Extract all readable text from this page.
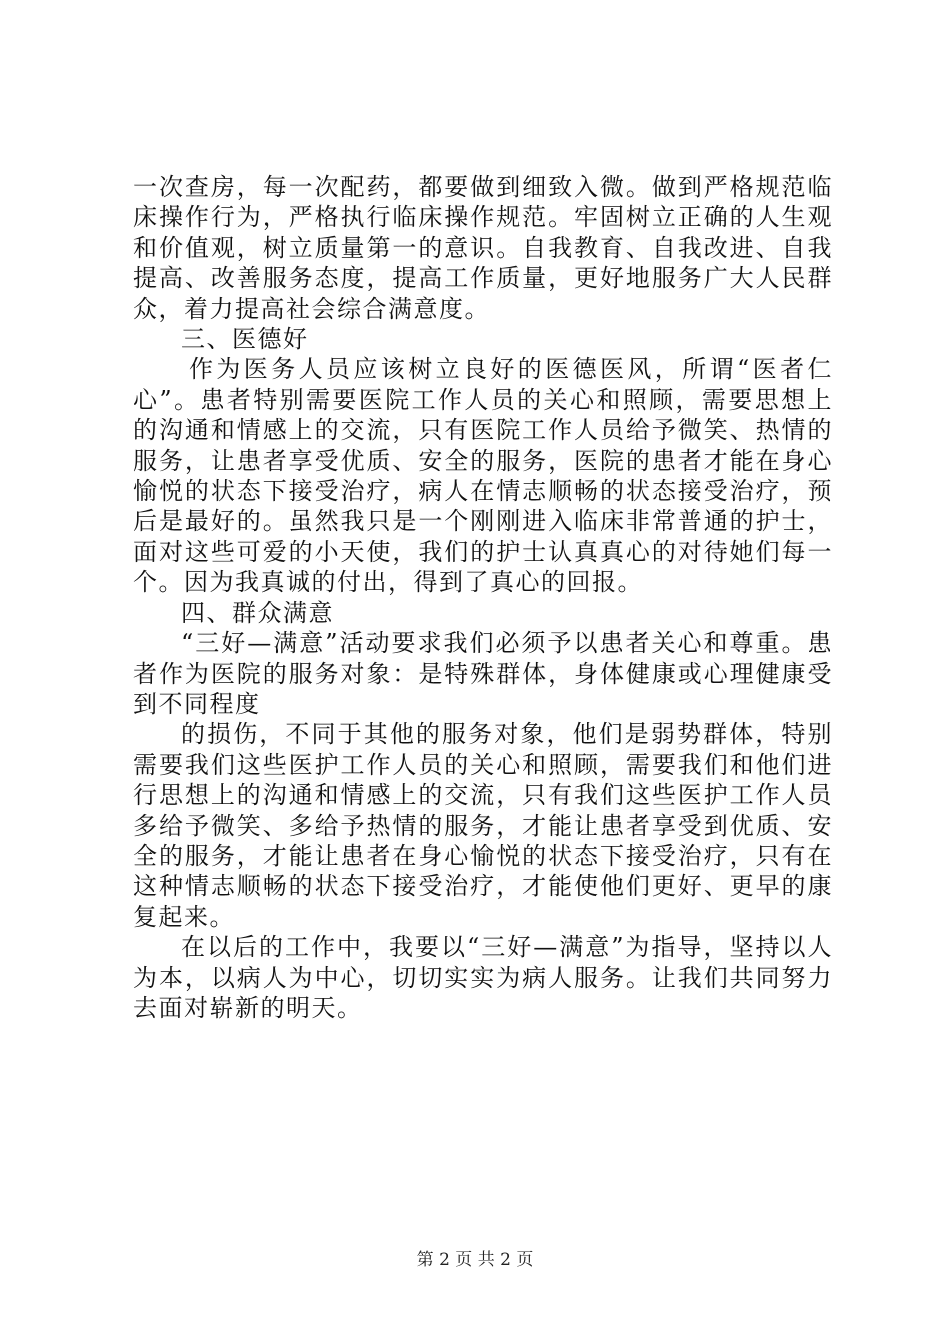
一次查房，每一次配药，都要做到细致入微。做到严格规范临床操作行为，严格执行临床操作规范。牢固树立正确的人生观和价值观，树立质量第一的意识。自我教育、自我改进、自我提高、改善服务态度，提高工作质量，更好地服务广大人民群众，着力提高社会综合满意度。

三、医德好

作为医务人员应该树立良好的医德医风，所谓“医者仁心”。患者特别需要医院工作人员的关心和照顾，需要思想上的沟通和情感上的交流，只有医院工作人员给予微笑、热情的服务，让患者享受优质、安全的服务，医院的患者才能在身心愉悦的状态下接受治疗，病人在情志顺畅的状态接受治疗，预后是最好的。虽然我只是一个刚刚进入临床非常普通的护士，面对这些可爱的小天使，我们的护士认真真心的对待她们每一个。因为我真诚的付出，得到了真心的回报。

四、群众满意

“三好—满意”活动要求我们必须予以患者关心和尊重。患者作为医院的服务对象：是特殊群体，身体健康或心理健康受到不同程度

的损伤，不同于其他的服务对象，他们是弱势群体，特别需要我们这些医护工作人员的关心和照顾，需要我们和他们进行思想上的沟通和情感上的交流，只有我们这些医护工作人员多给予微笑、多给予热情的服务，才能让患者享受到优质、安全的服务，才能让患者在身心愉悦的状态下接受治疗，只有在这种情志顺畅的状态下接受治疗，才能使他们更好、更早的康复起来。

在以后的工作中，我要以“三好—满意”为指导，坚持以人为本，以病人为中心，切切实实为病人服务。让我们共同努力去面对崭新的明天。

第 2 页 共 2 页
